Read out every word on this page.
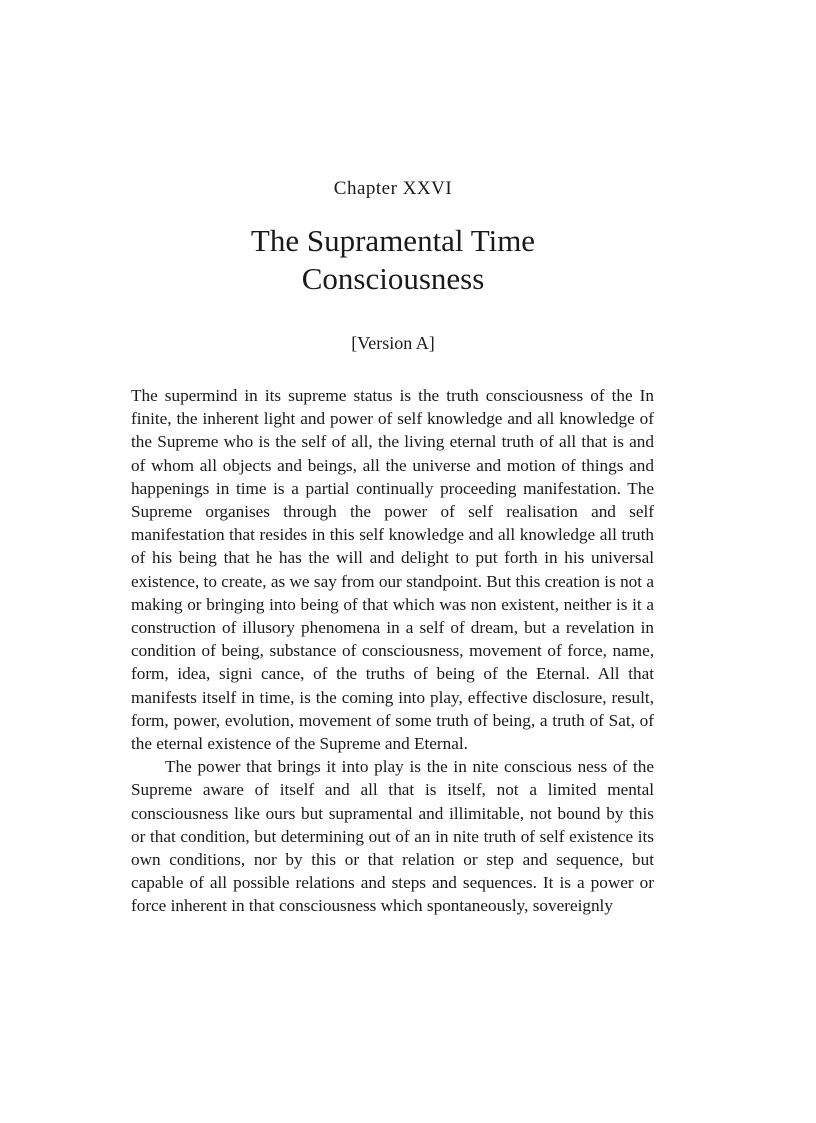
Chapter XXVI
The Supramental Time
Consciousness
[Version A]

The supermind in its supreme status is the truth consciousness of the In finite, the inherent light and power of self knowledge and all knowledge of the Supreme who is the self of all, the living eternal truth of all that is and of whom all objects and beings, all the universe and motion of things and happenings in time is a partial continually proceeding manifestation. The Supreme organises through the power of self realisation and self manifestation that resides in this self knowledge and all knowledge all truth of his being that he has the will and delight to put forth in his universal existence, to create, as we say from our standpoint. But this creation is not a making or bringing into being of that which was non existent, neither is it a construction of illusory phenomena in a self of dream, but a revelation in condition of being, substance of consciousness, movement of force, name, form, idea, signi cance, of the truths of being of the Eternal. All that manifests itself in time, is the coming into play, effective disclosure, result, form, power, evolution, movement of some truth of being, a truth of Sat, of the eternal existence of the Supreme and Eternal.

The power that brings it into play is the in nite conscious ness of the Supreme aware of itself and all that is itself, not a limited mental consciousness like ours but supramental and illimitable, not bound by this or that condition, but determining out of an in nite truth of self existence its own conditions, nor by this or that relation or step and sequence, but capable of all possible relations and steps and sequences. It is a power or force inherent in that consciousness which spontaneously, sovereignly
